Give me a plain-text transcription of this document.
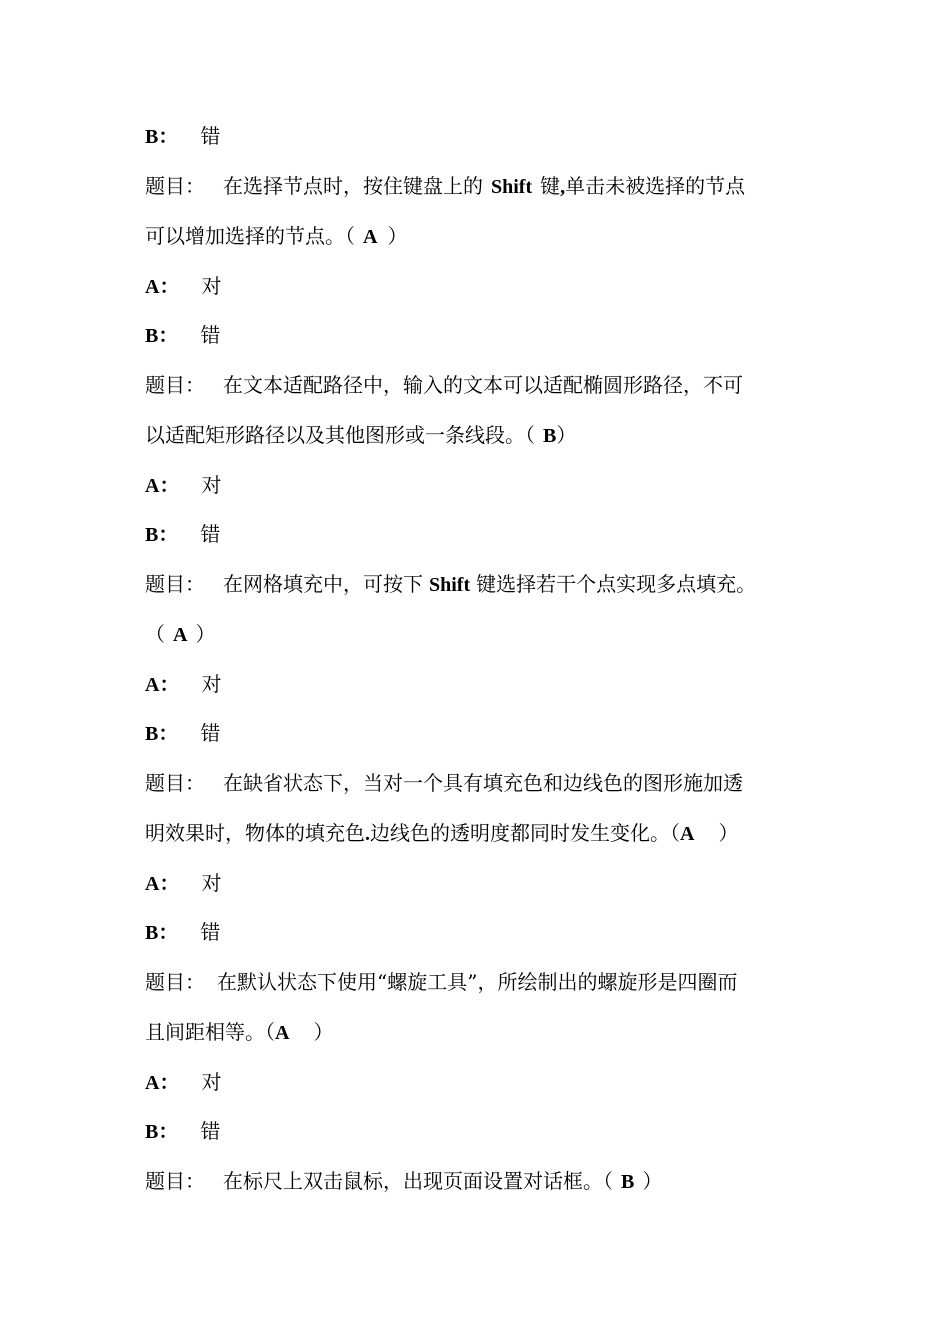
B： 错
题目： 在选择节点时，按住键盘上的 Shift 键,单击未被选择的节点
可以增加选择的节点。（ A ）
A： 对
B： 错
题目： 在文本适配路径中，输入的文本可以适配椭圆形路径，不可
以适配矩形路径以及其他图形或一条线段。（ B）
A： 对
B： 错
题目： 在网格填充中，可按下 Shift 键选择若干个点实现多点填充。
（ A ）
A： 对
B： 错
题目： 在缺省状态下，当对一个具有填充色和边线色的图形施加透
明效果时，物体的填充色.边线色的透明度都同时发生变化。（A ）
A： 对
B： 错
题目： 在默认状态下使用“螺旋工具”，所绘制出的螺旋形是四圈而
且间距相等。（A ）
A： 对
B： 错
题目： 在标尺上双击鼠标，出现页面设置对话框。（ B ）
